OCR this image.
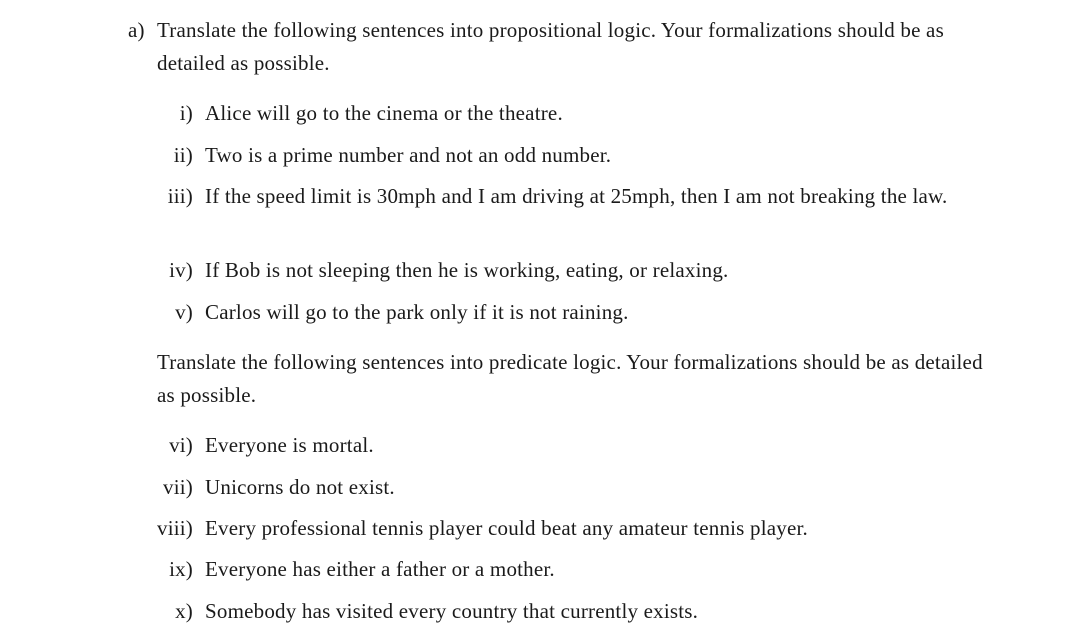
a) Translate the following sentences into propositional logic. Your formalizations should be as detailed as possible.
i) Alice will go to the cinema or the theatre.
ii) Two is a prime number and not an odd number.
iii) If the speed limit is 30mph and I am driving at 25mph, then I am not breaking the law.
iv) If Bob is not sleeping then he is working, eating, or relaxing.
v) Carlos will go to the park only if it is not raining.
Translate the following sentences into predicate logic. Your formalizations should be as detailed as possible.
vi) Everyone is mortal.
vii) Unicorns do not exist.
viii) Every professional tennis player could beat any amateur tennis player.
ix) Everyone has either a father or a mother.
x) Somebody has visited every country that currently exists.
